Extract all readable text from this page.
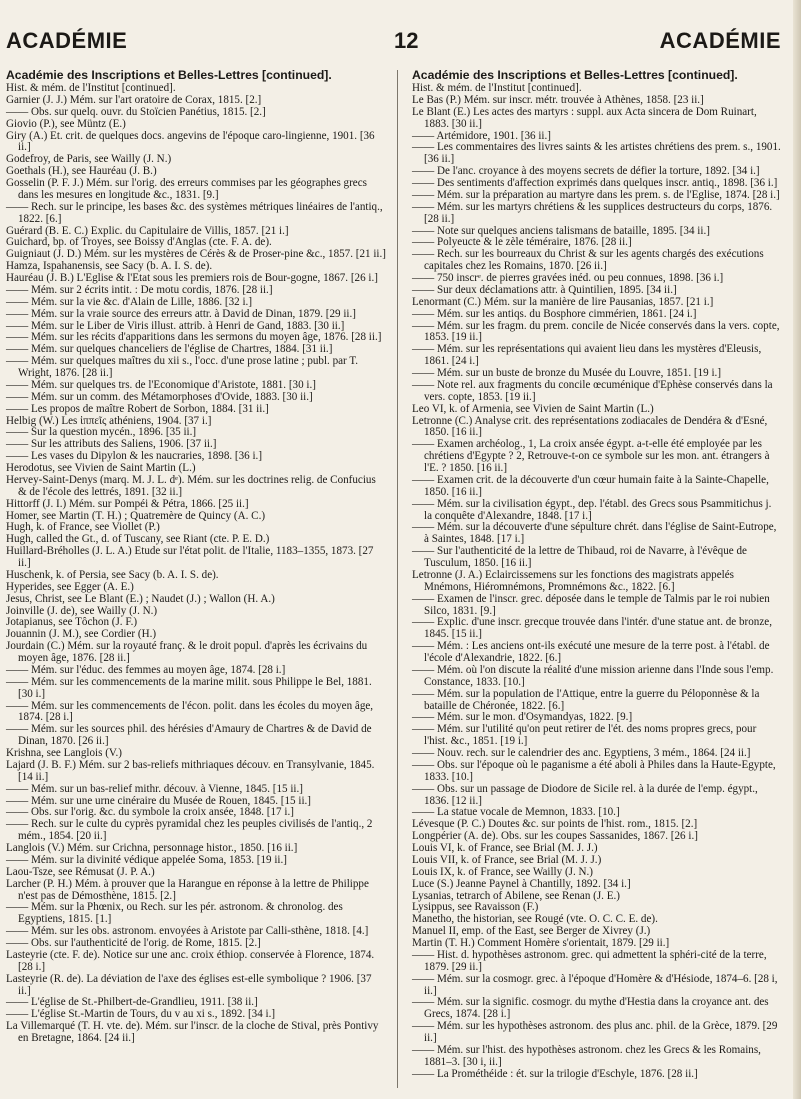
ACADÉMIE	12	ACADÉMIE
Académie des Inscriptions et Belles-Lettres [continued].
Hist. & mém. de l'Institut [continued].
Garnier (J. J.) Mém. sur l'art oratoire de Corax, 1815. [2.]
—— Obs. sur quelq. ouvr. du Stoïcien Panétius, 1815. [2.]
Giovio (P.), see Müntz (E.)
Giry (A.) Et. crit. de quelques docs. angevins de l'époque caro-lingienne, 1901. [36 ii.]
Godefroy, de Paris, see Wailly (J. N.)
Goethals (H.), see Hauréau (J. B.)
Gosselin (P. F. J.) Mém. sur l'orig. des erreurs commises par les géographes grecs dans les mesures en longitude &c., 1831. [9.]
—— Rech. sur le principe, les bases &c. des systèmes métriques linéaires de l'antiq., 1822. [6.]
Guérard (B. E. C.) Explic. du Capitulaire de Villis, 1857. [21 i.]
Guichard, bp. of Troyes, see Boissy d'Anglas (cte. F. A. de).
Guigniaut (J. D.) Mém. sur les mystères de Cérès & de Proser-pine &c., 1857. [21 ii.]
Hamza, Ispahanensis, see Sacy (b. A. I. S. de).
Hauréau (J. B.) L'Eglise & l'Etat sous les premiers rois de Bour-gogne, 1867. [26 i.]
—— Mém. sur 2 écrits intit. : De motu cordis, 1876. [28 ii.]
—— Mém. sur la vie &c. d'Alain de Lille, 1886. [32 i.]
—— Mém. sur la vraie source des erreurs attr. à David de Dinan, 1879. [29 ii.]
—— Mém. sur le Liber de Viris illust. attrib. à Henri de Gand, 1883. [30 ii.]
—— Mém. sur les récits d'apparitions dans les sermons du moyen âge, 1876. [28 ii.]
—— Mém. sur quelques chanceliers de l'église de Chartres, 1884. [31 ii.]
—— Mém. sur quelques maîtres du xii s., l'occ. d'une prose latine ; publ. par T. Wright, 1876. [28 ii.]
—— Mém. sur quelques trs. de l'Economique d'Aristote, 1881. [30 i.]
—— Mém. sur un comm. des Métamorphoses d'Ovide, 1883. [30 ii.]
—— Les propos de maître Robert de Sorbon, 1884. [31 ii.]
Helbig (W.) Les ἱππεῖς athéniens, 1904. [37 i.]
—— Sur la question mycén., 1896. [35 ii.]
—— Sur les attributs des Saliens, 1906. [37 ii.]
—— Les vases du Dipylon & les naucraries, 1898. [36 i.]
Herodotus, see Vivien de Saint Martin (L.)
Hervey-Saint-Denys (marq. M. J. L. dᵉ). Mém. sur les doctrines relig. de Confucius & de l'école des lettrés, 1891. [32 ii.]
Hittorff (J. I.) Mém. sur Pompéi & Pétra, 1866. [25 ii.]
Homer, see Martin (T. H.) ; Quatremère de Quincy (A. C.)
Hugh, k. of France, see Viollet (P.)
Hugh, called the Gt., d. of Tuscany, see Riant (cte. P. E. D.)
Huillard-Bréholles (J. L. A.) Etude sur l'état polit. de l'Italie, 1183–1355, 1873. [27 ii.]
Huschenk, k. of Persia, see Sacy (b. A. I. S. de).
Hyperides, see Egger (A. E.)
Jesus, Christ, see Le Blant (E.) ; Naudet (J.) ; Wallon (H. A.)
Joinville (J. de), see Wailly (J. N.)
Jotapianus, see Tôchon (J. F.)
Jouannin (J. M.), see Cordier (H.)
Jourdain (C.) Mém. sur la royauté franç. & le droit popul. d'après les écrivains du moyen âge, 1876. [28 ii.]
—— Mém. sur l'éduc. des femmes au moyen âge, 1874. [28 i.]
—— Mém. sur les commencements de la marine milit. sous Philippe le Bel, 1881. [30 i.]
—— Mém. sur les commencements de l'écon. polit. dans les écoles du moyen âge, 1874. [28 i.]
—— Mém. sur les sources phil. des hérésies d'Amaury de Chartres & de David de Dinan, 1870. [26 ii.]
Krishna, see Langlois (V.)
Lajard (J. B. F.) Mém. sur 2 bas-reliefs mithriaques découv. en Transylvanie, 1845. [14 ii.]
—— Mém. sur un bas-relief mithr. découv. à Vienne, 1845. [15 ii.]
—— Mém. sur une urne cinéraire du Musée de Rouen, 1845. [15 ii.]
—— Obs. sur l'orig. &c. du symbole la croix ansée, 1848. [17 i.]
—— Rech. sur le culte du cyprès pyramidal chez les peuples civilisés de l'antiq., 2 mém., 1854. [20 ii.]
Langlois (V.) Mém. sur Crichna, personnage histor., 1850. [16 ii.]
—— Mém. sur la divinité védique appelée Soma, 1853. [19 ii.]
Laou-Tsze, see Rémusat (J. P. A.)
Larcher (P. H.) Mém. à prouver que la Harangue en réponse à la lettre de Philippe n'est pas de Démosthène, 1815. [2.]
—— Mém. sur la Phœnix, ou Rech. sur les pér. astronom. & chronolog. des Egyptiens, 1815. [1.]
—— Mém. sur les obs. astronom. envoyées à Aristote par Calli-sthène, 1818. [4.]
—— Obs. sur l'authenticité de l'orig. de Rome, 1815. [2.]
Lasteyrie (cte. F. de). Notice sur une anc. croix éthiop. conservée à Florence, 1874. [28 i.]
Lasteyrie (R. de). La déviation de l'axe des églises est-elle symbolique ? 1906. [37 ii.]
—— L'église de St.-Philbert-de-Grandlieu, 1911. [38 ii.]
—— L'église St.-Martin de Tours, du v au xi s., 1892. [34 i.]
La Villemarqué (T. H. vte. de). Mém. sur l'inscr. de la cloche de Stival, près Pontivy en Bretagne, 1864. [24 ii.]
Académie des Inscriptions et Belles-Lettres [continued].
Hist. & mém. de l'Institut [continued].
Le Bas (P.) Mém. sur inscr. métr. trouvée à Athènes, 1858. [23 ii.]
Le Blant (E.) Les actes des martyrs : suppl. aux Acta sincera de Dom Ruinart, 1883. [30 ii.]
—— Artémidore, 1901. [36 ii.]
—— Les commentaires des livres saints & les artistes chrétiens des prem. s., 1901. [36 ii.]
—— De l'anc. croyance à des moyens secrets de défier la torture, 1892. [34 i.]
—— Des sentiments d'affection exprimés dans quelques inscr. antiq., 1898. [36 i.]
—— Mém. sur la préparation au martyre dans les prem. s. de l'Eglise, 1874. [28 i.]
—— Mém. sur les martyrs chrétiens & les supplices destructeurs du corps, 1876. [28 ii.]
—— Note sur quelques anciens talismans de bataille, 1895. [34 ii.]
—— Polyeucte & le zèle téméraire, 1876. [28 ii.]
—— Rech. sur les bourreaux du Christ & sur les agents chargés des exécutions capitales chez les Romains, 1870. [26 ii.]
—— 750 inscrᵉ. de pierres gravées inéd. ou peu connues, 1898. [36 i.]
—— Sur deux déclamations attr. à Quintilien, 1895. [34 ii.]
Lenormant (C.) Mém. sur la manière de lire Pausanias, 1857. [21 i.]
—— Mém. sur les antiqs. du Bosphore cimmérien, 1861. [24 i.]
—— Mém. sur les fragm. du prem. concile de Nicée conservés dans la vers. copte, 1853. [19 ii.]
—— Mém. sur les représentations qui avaient lieu dans les mystères d'Eleusis, 1861. [24 i.]
—— Mém. sur un buste de bronze du Musée du Louvre, 1851. [19 i.]
—— Note rel. aux fragments du concile œcuménique d'Ephèse conservés dans la vers. copte, 1853. [19 ii.]
Leo VI, k. of Armenia, see Vivien de Saint Martin (L.)
Letronne (C.) Analyse crit. des représentations zodiacales de Dendéra & d'Esné, 1850. [16 ii.]
—— Examen archéolog., 1, La croix ansée égypt. a-t-elle été employée par les chrétiens d'Egypte ? 2, Retrouve-t-on ce symbole sur les mon. ant. étrangers à l'E. ? 1850. [16 ii.]
—— Examen crit. de la découverte d'un cœur humain faite à la Sainte-Chapelle, 1850. [16 ii.]
—— Mém. sur la civilisation égypt., dep. l'établ. des Grecs sous Psammitichus j. la conquête d'Alexandre, 1848. [17 i.]
—— Mém. sur la découverte d'une sépulture chrét. dans l'église de Saint-Eutrope, à Saintes, 1848. [17 i.]
—— Sur l'authenticité de la lettre de Thibaud, roi de Navarre, à l'évêque de Tusculum, 1850. [16 ii.]
Letronne (J. A.) Eclaircissemens sur les fonctions des magistrats appelés Mnémons, Hiéromnémons, Promnémons &c., 1822. [6.]
—— Examen de l'inscr. grec. déposée dans le temple de Talmis par le roi nubien Silco, 1831. [9.]
—— Explic. d'une inscr. grecque trouvée dans l'intér. d'une statue ant. de bronze, 1845. [15 ii.]
—— Mém. : Les anciens ont-ils exécuté une mesure de la terre post. à l'établ. de l'école d'Alexandrie, 1822. [6.]
—— Mém. où l'on discute la réalité d'une mission arienne dans l'Inde sous l'emp. Constance, 1833. [10.]
—— Mém. sur la population de l'Attique, entre la guerre du Péloponnèse & la bataille de Chéronée, 1822. [6.]
—— Mém. sur le mon. d'Osymandyas, 1822. [9.]
—— Mém. sur l'utilité qu'on peut retirer de l'ét. des noms propres grecs, pour l'hist. &c., 1851. [19 i.]
—— Nouv. rech. sur le calendrier des anc. Egyptiens, 3 mém., 1864. [24 ii.]
—— Obs. sur l'époque où le paganisme a été aboli à Philes dans la Haute-Egypte, 1833. [10.]
—— Obs. sur un passage de Diodore de Sicile rel. à la durée de l'emp. égypt., 1836. [12 ii.]
—— La statue vocale de Memnon, 1833. [10.]
Lévesque (P. C.) Doutes &c. sur points de l'hist. rom., 1815. [2.]
Longpérier (A. de). Obs. sur les coupes Sassanides, 1867. [26 i.]
Louis VI, k. of France, see Brial (M. J. J.)
Louis VII, k. of France, see Brial (M. J. J.)
Louis IX, k. of France, see Wailly (J. N.)
Luce (S.) Jeanne Paynel à Chantilly, 1892. [34 i.]
Lysanias, tetrarch of Abilene, see Renan (J. E.)
Lysippus, see Ravaisson (F.)
Manetho, the historian, see Rougé (vte. O. C. C. E. de).
Manuel II, emp. of the East, see Berger de Xivrey (J.)
Martin (T. H.) Comment Homère s'orientait, 1879. [29 ii.]
—— Hist. d. hypothèses astronom. grec. qui admettent la sphéri-cité de la terre, 1879. [29 ii.]
—— Mém. sur la cosmogr. grec. à l'époque d'Homère & d'Hésiode, 1874–6. [28 i, ii.]
—— Mém. sur la signific. cosmogr. du mythe d'Hestia dans la croyance ant. des Grecs, 1874. [28 i.]
—— Mém. sur les hypothèses astronom. des plus anc. phil. de la Grèce, 1879. [29 ii.]
—— Mém. sur l'hist. des hypothèses astronom. chez les Grecs & les Romains, 1881–3. [30 i, ii.]
—— La Prométhéide : ét. sur la trilogie d'Eschyle, 1876. [28 ii.]
